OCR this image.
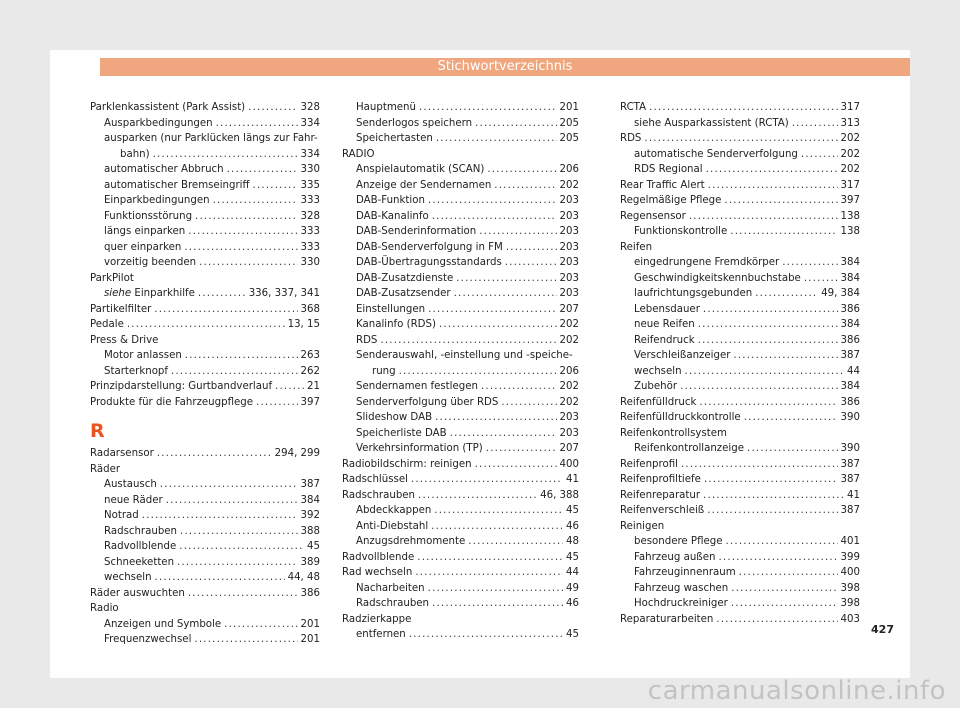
Stichwortverzeichnis
Parklenkassistent (Park Assist) .....	328
Ausparkbedingungen .....	334
ausparken (nur Parklücken längs zur Fahr-
bahn) .....	334
automatischer Abbruch .....	330
automatischer Bremseingriff .....	335
Einparkbedingungen .....	333
Funktionsstörung .....	328
längs einparken .....	333
quer einparken .....	333
vorzeitig beenden .....	330
ParkPilot
siehe Einparkhilfe .....	336, 337, 341
Partikelfilter .....	368
Pedale .....	13, 15
Press & Drive
Motor anlassen .....	263
Starterknopf .....	262
Prinzipdarstellung: Gurtbandverlauf .....	21
Produkte für die Fahrzeugpflege .....	397
R
Radarsensor .....	294, 299
Räder
Austausch .....	387
neue Räder .....	384
Notrad .....	392
Radschrauben .....	388
Radvollblende .....	45
Schneeketten .....	389
wechseln .....	44, 48
Räder auswuchten .....	386
Radio
Anzeigen und Symbole .....	201
Frequenzwechsel .....	201
Hauptmenü .....	201
Senderlogos speichern .....	205
Speichertasten .....	205
RADIO
Anspielautomatik (SCAN) .....	206
Anzeige der Sendernamen .....	202
DAB-Funktion .....	203
DAB-Kanalinfo .....	203
DAB-Senderinformation .....	203
DAB-Senderverfolgung in FM .....	203
DAB-Übertragungsstandards .....	203
DAB-Zusatzdienste .....	203
DAB-Zusatzsender .....	203
Einstellungen .....	207
Kanalinfo (RDS) .....	202
RDS .....	202
Senderauswahl, -einstellung und -speiche-
rung .....	206
Sendernamen festlegen .....	202
Senderverfolgung über RDS .....	202
Slideshow DAB .....	203
Speicherliste DAB .....	203
Verkehrsinformation (TP) .....	207
Radiobildschirm: reinigen .....	400
Radschlüssel .....	41
Radschrauben .....	46, 388
Abdeckkappen .....	45
Anti-Diebstahl .....	46
Anzugsdrehmomente .....	48
Radvollblende .....	45
Rad wechseln .....	44
Nacharbeiten .....	49
Radschrauben .....	46
Radzierkappe
entfernen .....	45
RCTA .....	317
siehe Ausparkassistent (RCTA) .....	313
RDS .....	202
automatische Senderverfolgung .....	202
RDS Regional .....	202
Rear Traffic Alert .....	317
Regelmäßige Pflege .....	397
Regensensor .....	138
Funktionskontrolle .....	138
Reifen
eingedrungene Fremdkörper .....	384
Geschwindigkeitskennbuchstabe .....	384
laufrichtungsgebunden .....	49, 384
Lebensdauer .....	386
neue Reifen .....	384
Reifendruck .....	386
Verschleißanzeiger .....	387
wechseln .....	44
Zubehör .....	384
Reifenfülldruck .....	386
Reifenfülldruckkontrolle .....	390
Reifenkontrollsystem
Reifenkontrollanzeige .....	390
Reifenprofil .....	387
Reifenprofiltiefe .....	387
Reifenreparatur .....	41
Reifenverschleiß .....	387
Reinigen
besondere Pflege .....	401
Fahrzeug außen .....	399
Fahrzeuginnenraum .....	400
Fahrzeug waschen .....	398
Hochdruckreiniger .....	398
Reparaturarbeiten .....	403
427
carmanualsonline.info
